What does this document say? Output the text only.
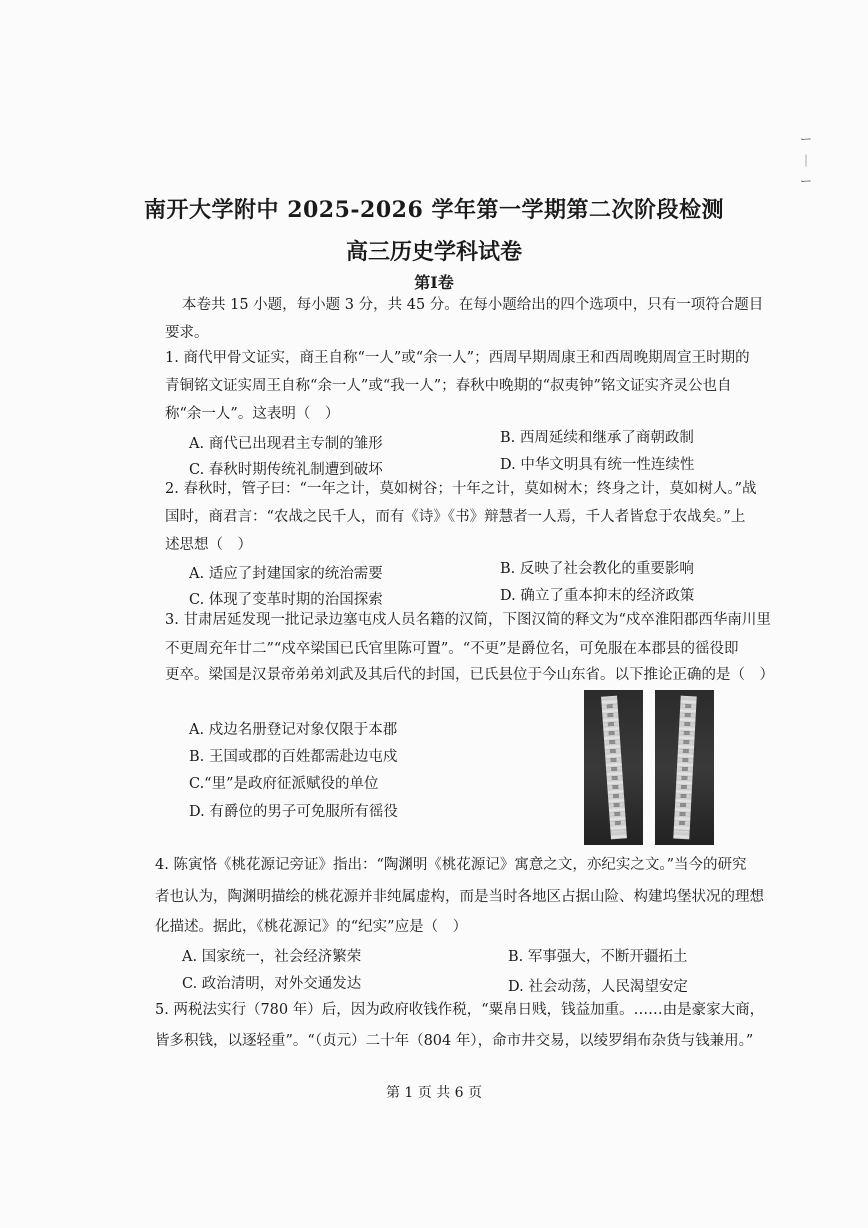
ー
｜
ー
南开大学附中 2025-2026 学年第一学期第二次阶段检测
高三历史学科试卷
第Ⅰ卷
本卷共 15 小题，每小题 3 分，共 45 分。在每小题给出的四个选项中，只有一项符合题目
要求。
1. 商代甲骨文证实，商王自称“一人”或“余一人”；西周早期周康王和西周晚期周宣王时期的
青铜铭文证实周王自称“余一人”或“我一人”；春秋中晚期的“叔夷钟”铭文证实齐灵公也自
称“余一人”。这表明（　）
A. 商代已出现君主专制的雏形	B. 西周延续和继承了商朝政制
C. 春秋时期传统礼制遭到破坏	D. 中华文明具有统一性连续性
2. 春秋时，管子曰：“一年之计，莫如树谷；十年之计，莫如树木；终身之计，莫如树人。”战
国时，商君言：“农战之民千人，而有《诗》《书》辩慧者一人焉，千人者皆怠于农战矣。”上
述思想（　）
A. 适应了封建国家的统治需要	B. 反映了社会教化的重要影响
C. 体现了变革时期的治国探索	D. 确立了重本抑末的经济政策
3. 甘肃居延发现一批记录边塞屯戍人员名籍的汉简，下图汉简的释文为“戍卒淮阳郡西华南川里
不更周充年廿二”“戍卒梁国已氏官里陈可置”。“不更”是爵位名，可免服在本郡县的徭役即
更卒。梁国是汉景帝弟弟刘武及其后代的封国，已氏县位于今山东省。以下推论正确的是（　）
A. 戍边名册登记对象仅限于本郡
B. 王国或郡的百姓都需赴边屯戍
C.“里”是政府征派赋役的单位
D. 有爵位的男子可免服所有徭役
4. 陈寅恪《桃花源记旁证》指出：“陶渊明《桃花源记》寓意之文，亦纪实之文。”当今的研究
者也认为，陶渊明描绘的桃花源并非纯属虚构，而是当时各地区占据山险、构建坞堡状况的理想
化描述。据此，《桃花源记》的“纪实”应是（　）
A. 国家统一，社会经济繁荣	B. 军事强大，不断开疆拓土
C. 政治清明，对外交通发达	D. 社会动荡，人民渴望安定
5. 两税法实行（780 年）后，因为政府收钱作税，“粟帛日贱，钱益加重。……由是豪家大商，
皆多积钱，以逐轻重”。“（贞元）二十年（804 年），命市井交易，以绫罗绢布杂货与钱兼用。”
第 1 页 共 6 页
